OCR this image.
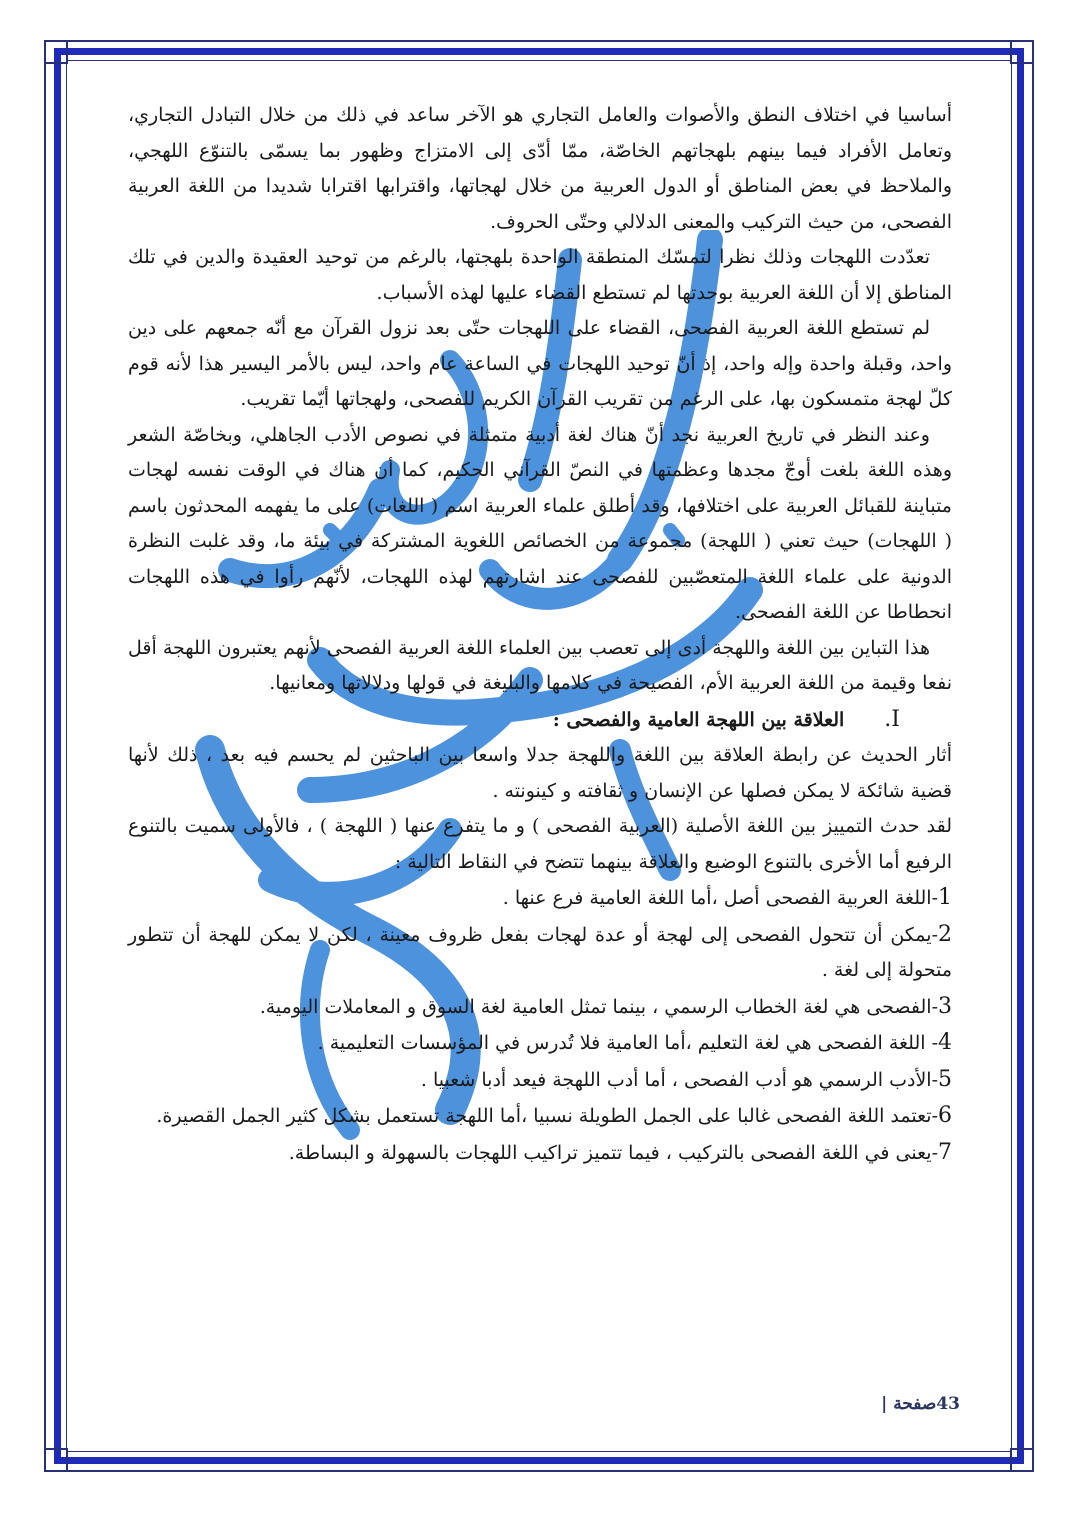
أساسيا في اختلاف النطق والأصوات والعامل التجاري هو الآخر ساعد في ذلك من خلال التبادل التجاري، وتعامل الأفراد فيما بينهم بلهجاتهم الخاصّة، ممّا أدّى إلى الامتزاج وظهور بما يسمّى بالتنوّع اللهجي، والملاحظ في بعض المناطق أو الدول العربية من خلال لهجاتها، واقترابها اقترابا شديدا من اللغة العربية الفصحى، من حيث التركيب والمعنى الدلالي وحتّى الحروف.

تعدّدت اللهجات وذلك نظرا لتمسّك المنطقة الواحدة بلهجتها، بالرغم من توحيد العقيدة والدين في تلك المناطق إلا أن اللغة العربية بوحدتها لم تستطع القضاء عليها لهذه الأسباب.

لم تستطع اللغة العربية الفصحى، القضاء على اللهجات حتّى بعد نزول القرآن مع أنّه جمعهم على دين واحد، وقبلة واحدة وإله واحد، إذ أنّ توحيد اللهجات في الساعة عام واحد، ليس بالأمر اليسير هذا لأنه قوم كلّ لهجة متمسكون بها، على الرغم من تقريب القرآن الكريم للفصحى، ولهجاتها أيّما تقريب.

وعند النظر في تاريخ العربية نجد أنّ هناك لغة أدبية متمثلة في نصوص الأدب الجاهلي، وبخاصّة الشعر وهذه اللغة بلغت أوجّ مجدها وعظمتها في النصّ القرآني الحكيم، كما أن هناك في الوقت نفسه لهجات متباينة للقبائل العربية على اختلافها، وقد أطلق علماء العربية اسم ( اللغات) على ما يفهمه المحدثون باسم ( اللهجات) حيث تعني ( اللهجة) مجموعة من الخصائص اللغوية المشتركة في بيئة ما، وقد غلبت النظرة الدونية على علماء اللغة المتعصّبين للفصحى عند اشارتهم لهذه اللهجات، لأنّهم رأوا في هذه اللهجات انحطاطا عن اللغة الفصحى.

هذا التباين بين اللغة واللهجة أدى إلى تعصب بين العلماء اللغة العربية الفصحى لأنهم يعتبرون اللهجة أقل نفعا وقيمة من اللغة العربية الأم، الفصيحة في كلامها والبليغة في قولها ودلالاتها ومعانيها.

I.العلاقة بين اللهجة العامية والفصحى :

أثار الحديث عن رابطة العلاقة بين اللغة واللهجة جدلا واسعا بين الباحثين لم يحسم فيه بعد ، ذلك لأنها قضية شائكة لا يمكن فصلها عن الإنسان و ثقافته و كينونته .

لقد حدث التمييز بين اللغة الأصلية (العربية الفصحى ) و ما يتفرع عنها ( اللهجة ) ، فالأولى سميت بالتنوع الرفيع أما الأخرى بالتنوع الوضيع والعلاقة بينهما تتضح في النقاط التالية :

1-اللغة العربية الفصحى أصل ،أما اللغة العامية فرع عنها .

2-يمكن أن تتحول الفصحى إلى لهجة أو عدة لهجات بفعل ظروف معينة ، لكن لا يمكن للهجة أن تتطور متحولة إلى لغة .

3-الفصحى هي لغة الخطاب الرسمي ، بينما تمثل العامية لغة السوق و المعاملات اليومية.

4- اللغة الفصحى هي لغة التعليم ،أما العامية فلا تُدرس في المؤسسات التعليمية .

5-الأدب الرسمي هو أدب الفصحى ، أما أدب اللهجة فيعد أدبا شعبيا .

6-تعتمد اللغة الفصحى غالبا على الجمل الطويلة نسبيا ،أما اللهجة تستعمل بشكل كثير الجمل القصيرة.

7-يعنى في اللغة الفصحى بالتركيب ، فيما تتميز تراكيب اللهجات بالسهولة و البساطة.

43صفحة |
